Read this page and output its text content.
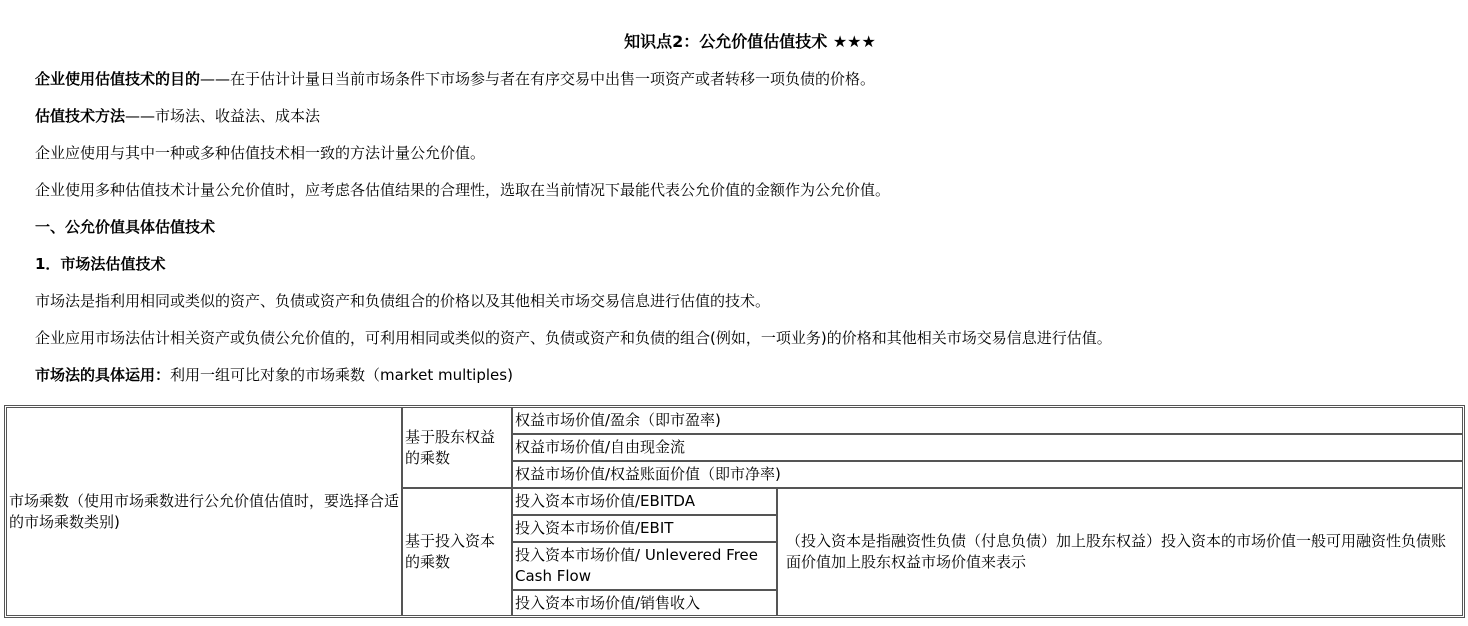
知识点2：公允价值估值技术 ★★★
企业使用估值技术的目的——在于估计计量日当前市场条件下市场参与者在有序交易中出售一项资产或者转移一项负债的价格。
估值技术方法——市场法、收益法、成本法
企业应使用与其中一种或多种估值技术相一致的方法计量公允价值。
企业使用多种估值技术计量公允价值时，应考虑各估值结果的合理性，选取在当前情况下最能代表公允价值的金额作为公允价值。
一、公允价值具体估值技术
1．市场法估值技术
市场法是指利用相同或类似的资产、负债或资产和负债组合的价格以及其他相关市场交易信息进行估值的技术。
企业应用市场法估计相关资产或负债公允价值的，可利用相同或类似的资产、负债或资产和负债的组合(例如，一项业务)的价格和其他相关市场交易信息进行估值。
市场法的具体运用：利用一组可比对象的市场乘数（market multiples)
市场乘数（使用市场乘数进行公允价值估值时，要选择合适的市场乘数类别)
基于股东权益的乘数
权益市场价值/盈余（即市盈率)
权益市场价值/自由现金流
权益市场价值/权益账面价值（即市净率)
基于投入资本的乘数
投入资本市场价值/EBITDA
投入资本市场价值/EBIT
投入资本市场价值/ Unlevered Free Cash Flow
投入资本市场价值/销售收入
（投入资本是指融资性负债（付息负债）加上股东权益）投入资本的市场价值一般可用融资性负债账面价值加上股东权益市场价值来表示
